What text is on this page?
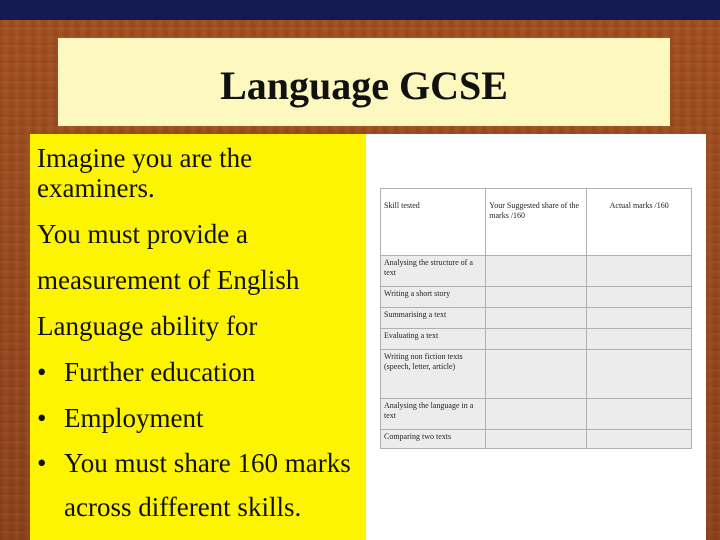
Language GCSE

Imagine you are the examiners.

You must provide a measurement of English Language ability for

• Further education
• Employment
• You must share 160 marks across different skills.
Skill tested	Your Suggested share of the marks /160	Actual marks /160
Analysing the structure of a text		
Writing a short story		
Summarising a text		
Evaluating a text		
Writing non fiction texts (speech, letter, article)		
Analysing the language in a text		
Comparing two texts		
